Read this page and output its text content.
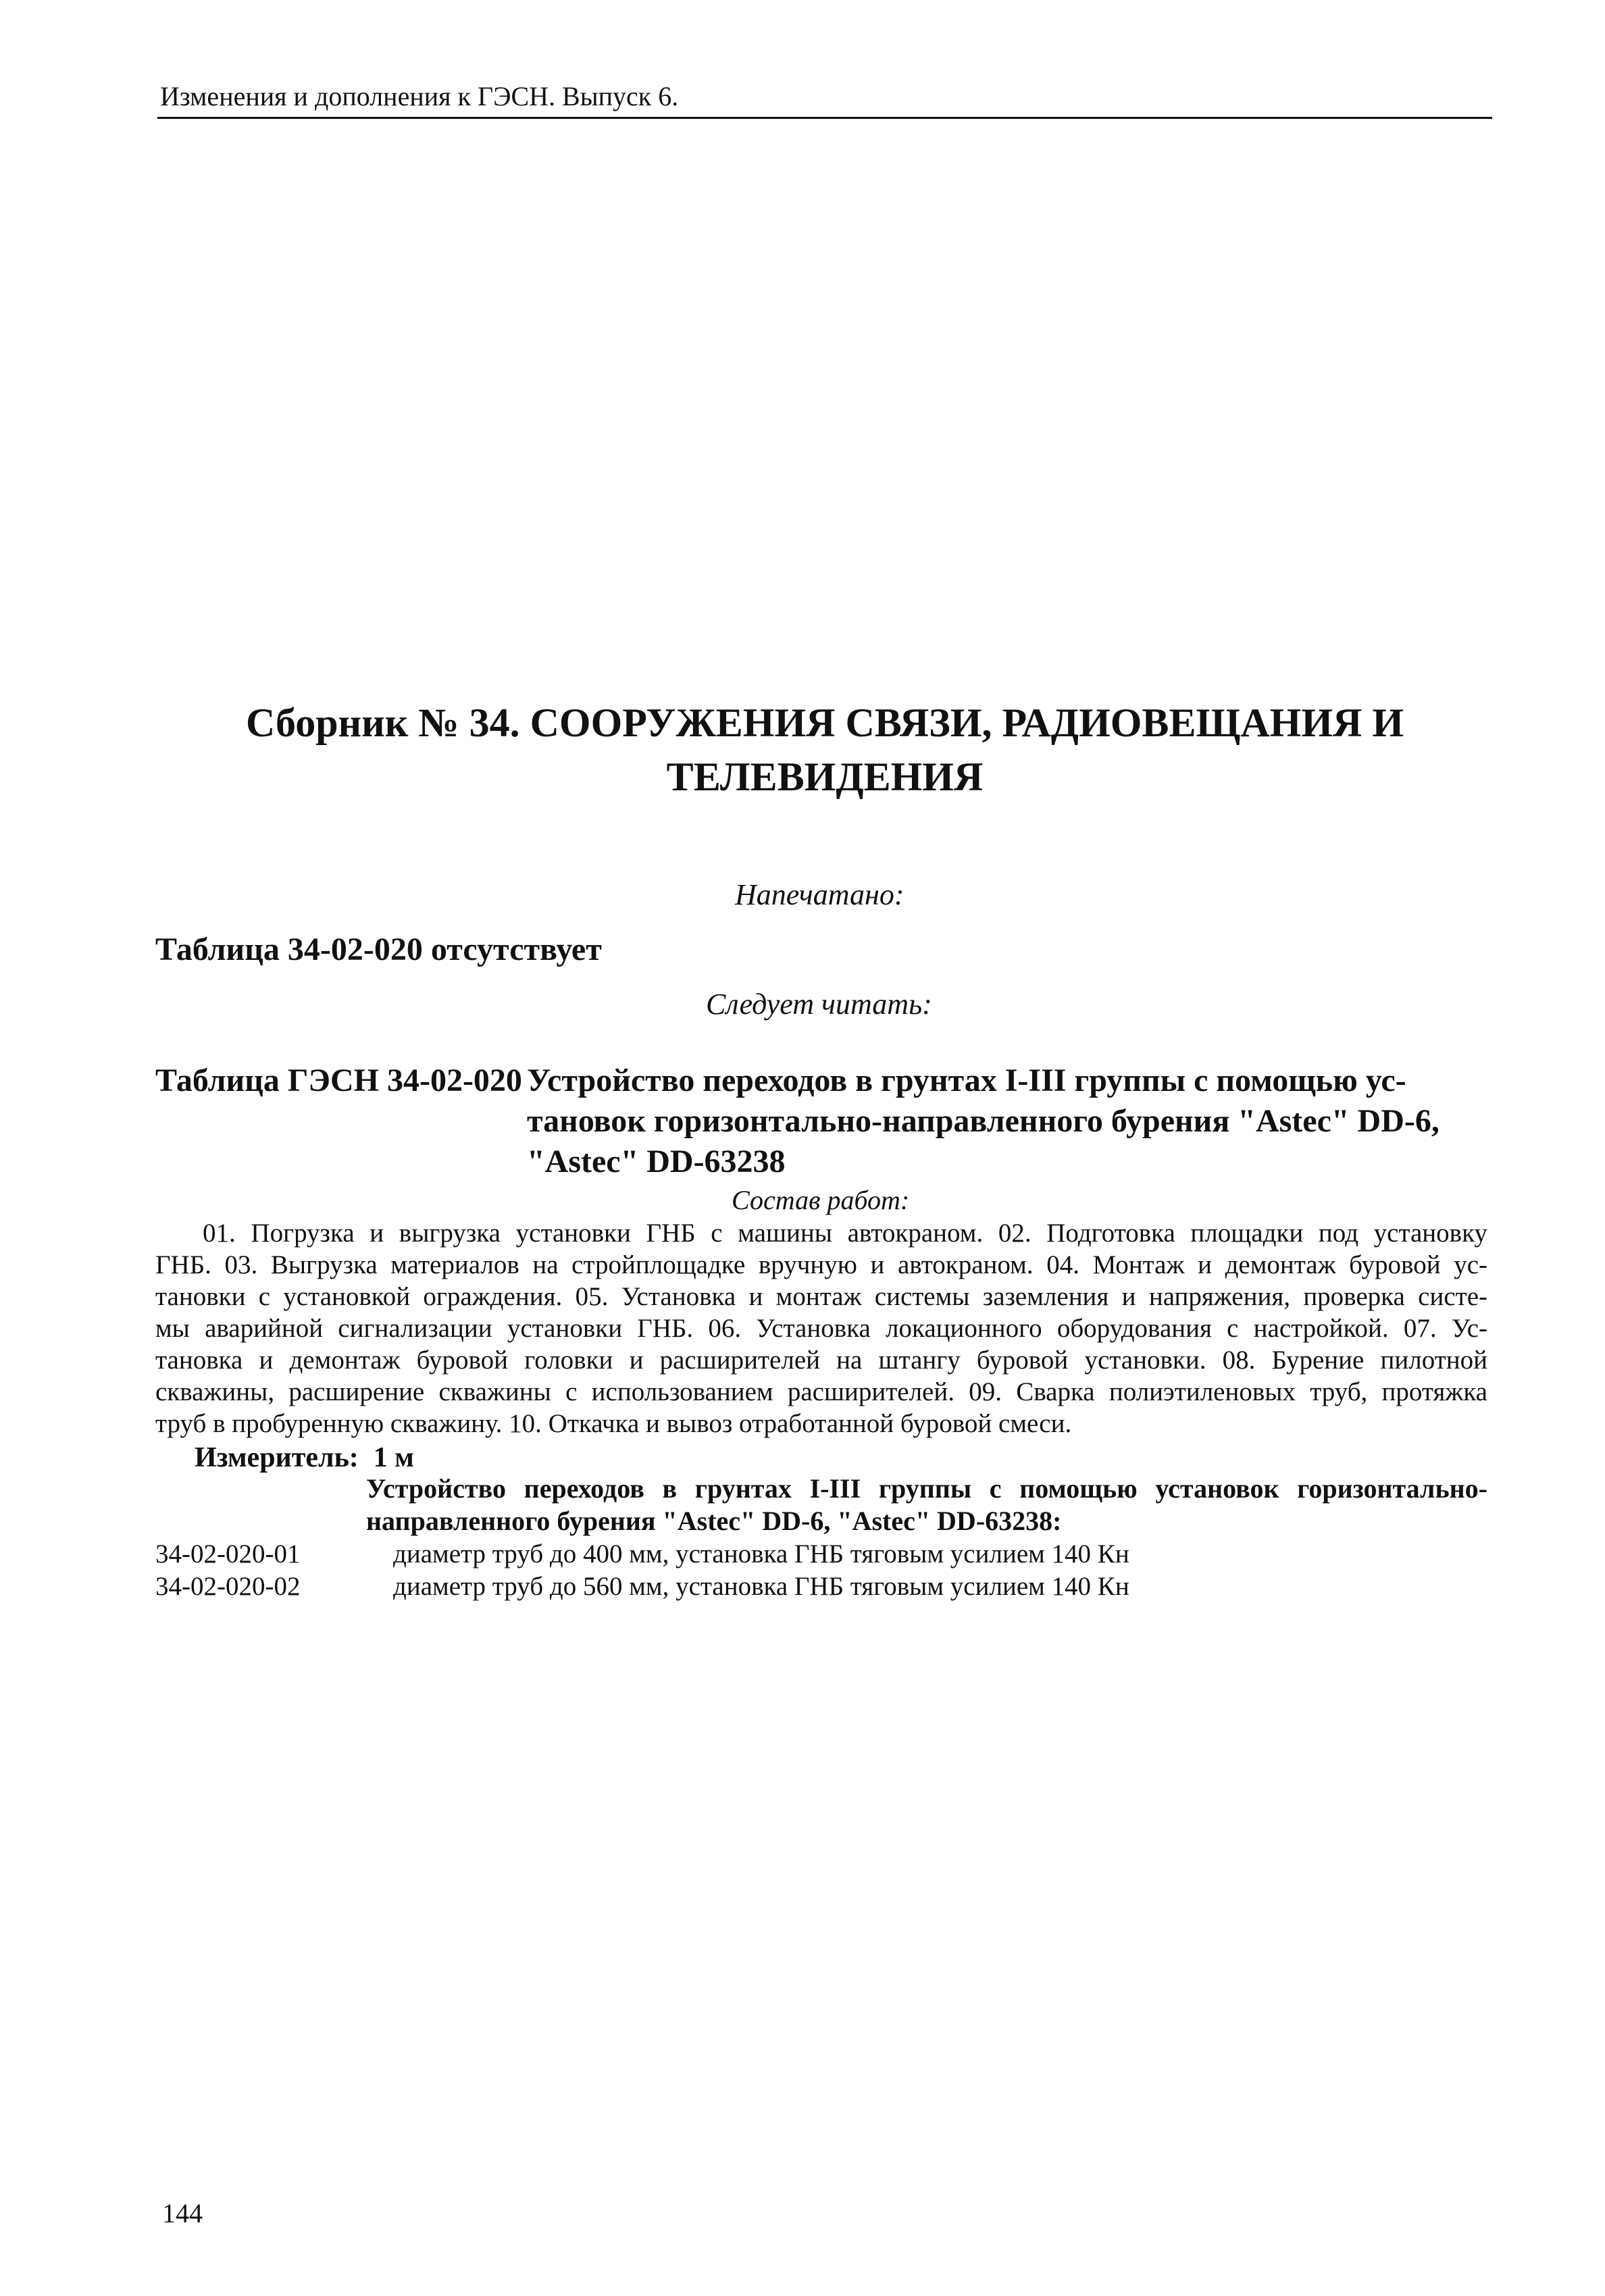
Изменения и дополнения к ГЭСН. Выпуск 6.
Сборник № 34. СООРУЖЕНИЯ СВЯЗИ, РАДИОВЕЩАНИЯ И
ТЕЛЕВИДЕНИЯ
Напечатано:
Таблица 34-02-020 отсутствует
Следует читать:
Таблица ГЭСН 34-02-020 Устройство переходов в грунтах I-III группы с помощью ус-
тановок горизонтально-направленного бурения "Astec" DD-6,
"Astec" DD-63238
Состав работ:
01. Погрузка и выгрузка установки ГНБ с машины автокраном. 02. Подготовка площадки под установку
ГНБ. 03. Выгрузка материалов на стройплощадке вручную и автокраном. 04. Монтаж и демонтаж буровой ус-
тановки с установкой ограждения. 05. Установка и монтаж системы заземления и напряжения, проверка систе-
мы аварийной сигнализации установки ГНБ. 06. Установка локационного оборудования с настройкой. 07. Ус-
тановка и демонтаж буровой головки и расширителей на штангу буровой установки. 08. Бурение пилотной
скважины, расширение скважины с использованием расширителей. 09. Сварка полиэтиленовых труб, протяжка
труб в пробуренную скважину. 10. Откачка и вывоз отработанной буровой смеси.
Измеритель: 1 м
Устройство переходов в грунтах I-III группы с помощью установок горизонтально-
направленного бурения "Astec" DD-6, "Astec" DD-63238:
34-02-020-01	диаметр труб до 400 мм, установка ГНБ тяговым усилием 140 Кн
34-02-020-02	диаметр труб до 560 мм, установка ГНБ тяговым усилием 140 Кн
144
